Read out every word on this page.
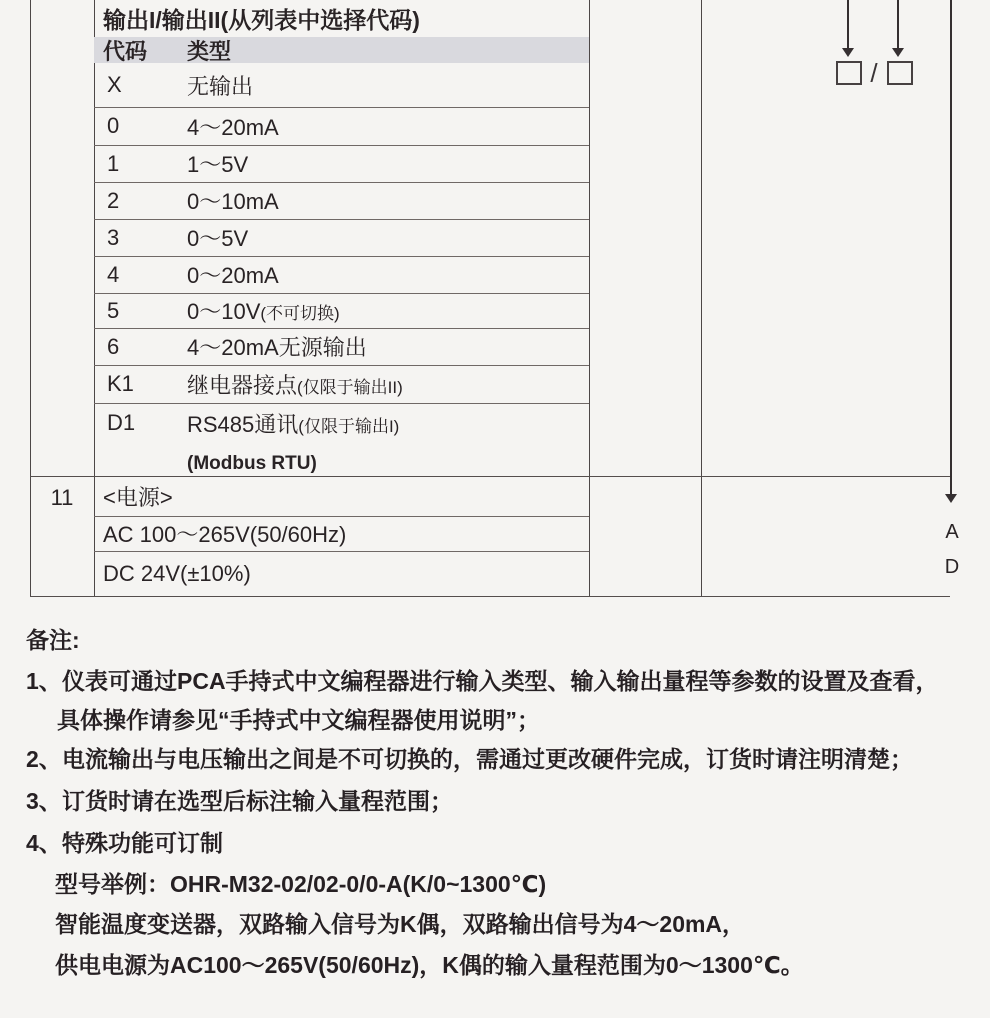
输出I/输出II(从列表中选择代码)
代码	类型
X	无输出
0	4～20mA
1	1～5V
2	0～10mA
3	0～5V
4	0～20mA
5	0～10V(不可切换)
6	4～20mA无源输出
K1	继电器接点(仅限于输出II)
D1	RS485通讯(仅限于输出I)
(Modbus RTU)
11 <电源>
AC 100～265V(50/60Hz)
DC 24V(±10%)
/
A
D
备注:
1、 仪表可通过PCA手持式中文编程器进行输入类型、输入输出量程等参数的设置及查看，
具体操作请参见“手持式中文编程器使用说明”；
2、 电流输出与电压输出之间是不可切换的，需通过更改硬件完成，订货时请注明清楚；
3、 订货时请在选型后标注输入量程范围；
4、 特殊功能可订制
型号举例：OHR-M32-02/02-0/0-A(K/0~1300℃)
智能温度变送器，双路输入信号为K偶，双路输出信号为4～20mA，
供电电源为AC100～265V(50/60Hz)，K偶的输入量程范围为0～1300℃。
